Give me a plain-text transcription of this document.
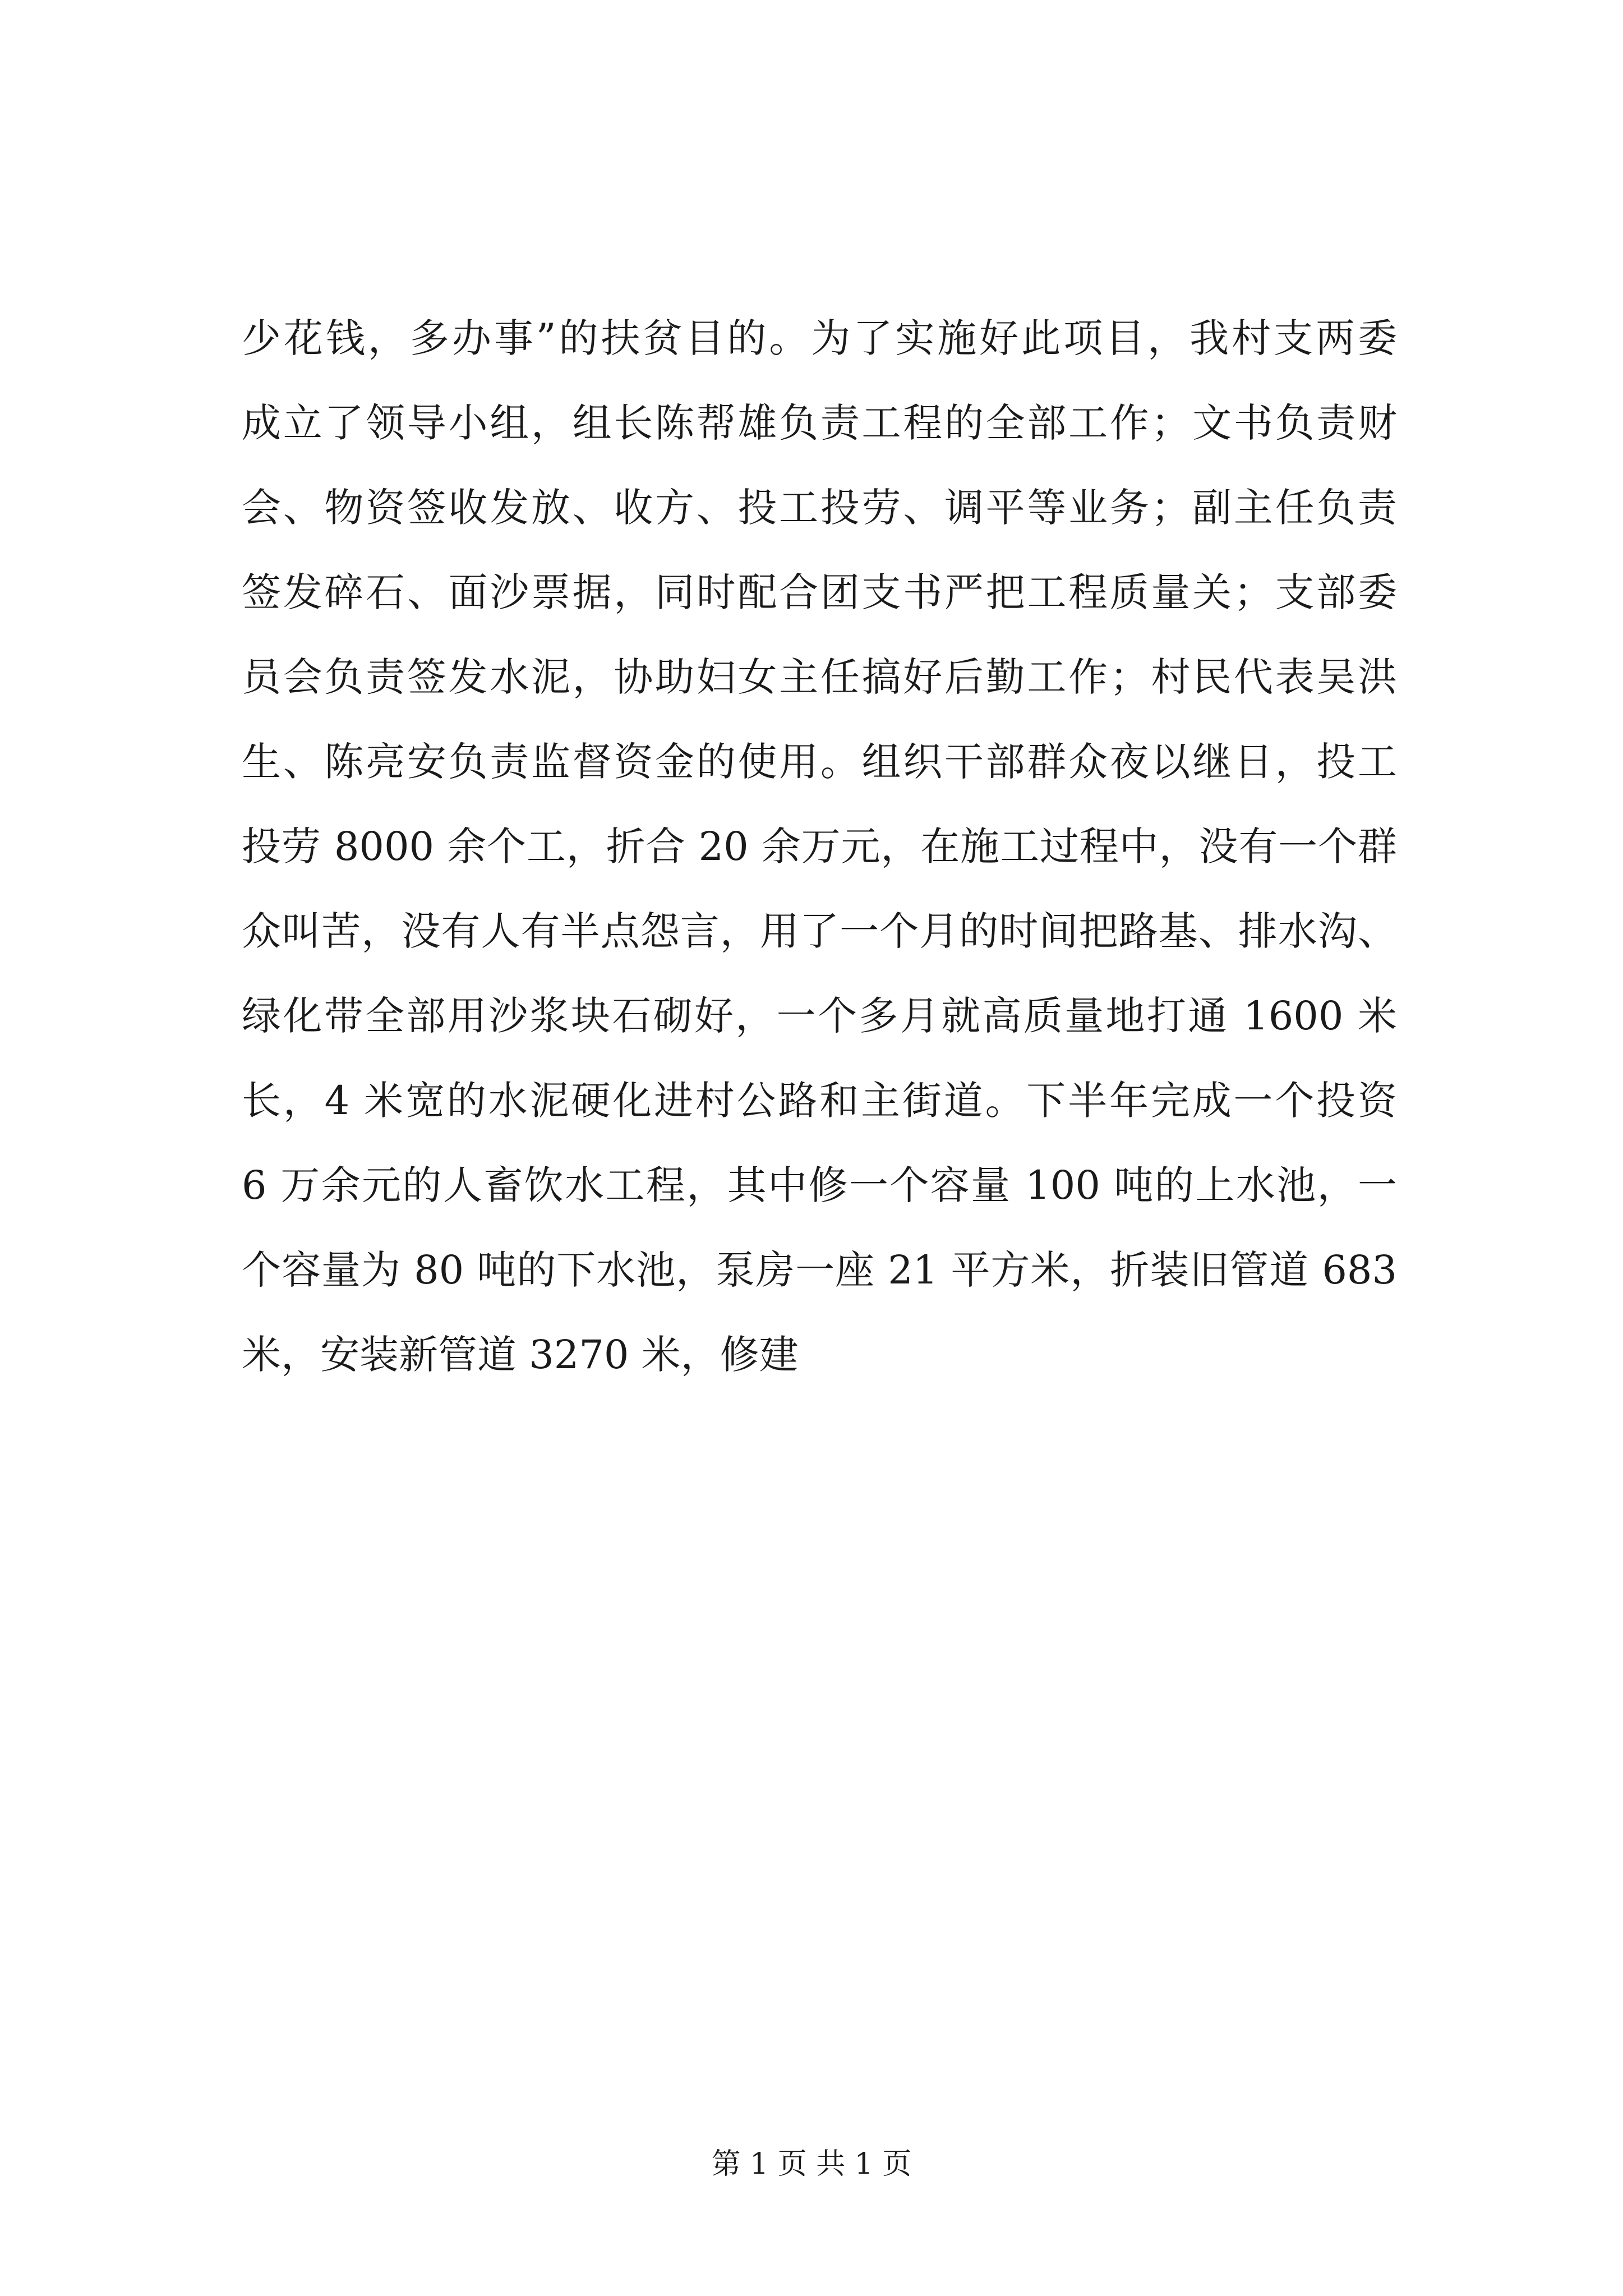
少花钱，多办事”的扶贫目的。为了实施好此项目，我村支两委
成立了领导小组，组长陈帮雄负责工程的全部工作；文书负责财
会、物资签收发放、收方、投工投劳、调平等业务；副主任负责
签发碎石、面沙票据，同时配合团支书严把工程质量关；支部委
员会负责签发水泥，协助妇女主任搞好后勤工作；村民代表吴洪
生、陈亮安负责监督资金的使用。组织干部群众夜以继日，投工
投劳 8000 余个工，折合 20 余万元，在施工过程中，没有一个群
众叫苦，没有人有半点怨言，用了一个月的时间把路基、排水沟、
绿化带全部用沙浆块石砌好，一个多月就高质量地打通 1600 米
长，4 米宽的水泥硬化进村公路和主街道。下半年完成一个投资
6 万余元的人畜饮水工程，其中修一个容量 100 吨的上水池，一
个容量为 80 吨的下水池，泵房一座 21 平方米，折装旧管道 683
米，安装新管道 3270 米，修建
第 1 页 共 1 页
